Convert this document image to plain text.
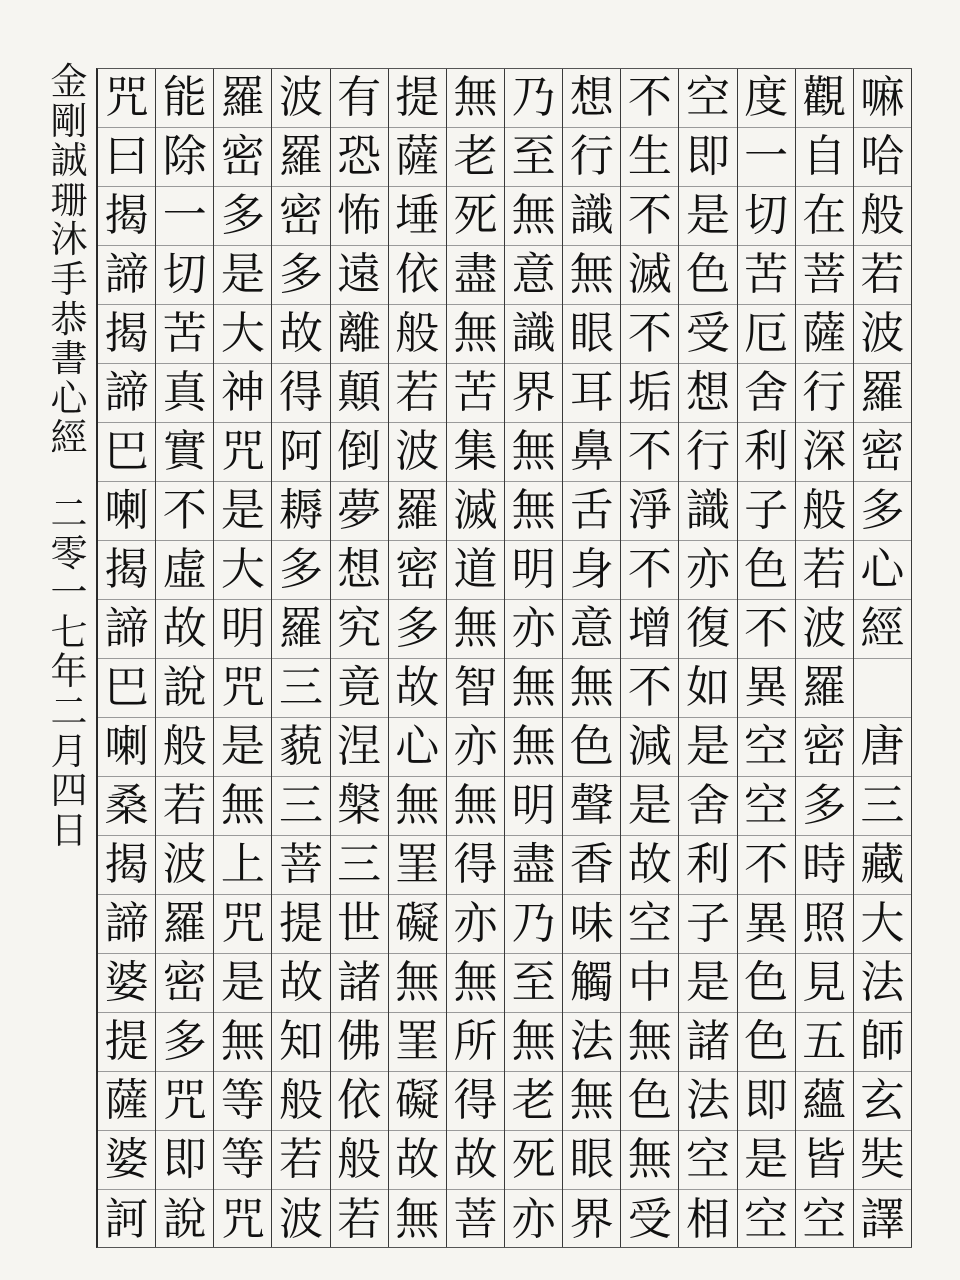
金
剛
誠
珊
沐
手
恭
書
心
經
二
零
一
七
年
二
月
四
日
嘛
哈
般
若
波
羅
密
多
心
經
唐
三
藏
大
法
師
玄
奘
譯
觀
自
在
菩
薩
行
深
般
若
波
羅
密
多
時
照
見
五
蘊
皆
空
度
一
切
苦
厄
舍
利
子
色
不
異
空
空
不
異
色
色
即
是
空
空
即
是
色
受
想
行
識
亦
復
如
是
舍
利
子
是
諸
法
空
相
不
生
不
滅
不
垢
不
淨
不
增
不
減
是
故
空
中
無
色
無
受
想
行
識
無
眼
耳
鼻
舌
身
意
無
色
聲
香
味
觸
法
無
眼
界
乃
至
無
意
識
界
無
無
明
亦
無
無
明
盡
乃
至
無
老
死
亦
無
老
死
盡
無
苦
集
滅
道
無
智
亦
無
得
亦
無
所
得
故
菩
提
薩
埵
依
般
若
波
羅
密
多
故
心
無
罣
礙
無
罣
礙
故
無
有
恐
怖
遠
離
顛
倒
夢
想
究
竟
涅
槃
三
世
諸
佛
依
般
若
波
羅
密
多
故
得
阿
耨
多
羅
三
藐
三
菩
提
故
知
般
若
波
羅
密
多
是
大
神
咒
是
大
明
咒
是
無
上
咒
是
無
等
等
咒
能
除
一
切
苦
真
實
不
虛
故
說
般
若
波
羅
密
多
咒
即
說
咒
曰
揭
諦
揭
諦
巴
喇
揭
諦
巴
喇
桑
揭
諦
婆
提
薩
婆
訶
